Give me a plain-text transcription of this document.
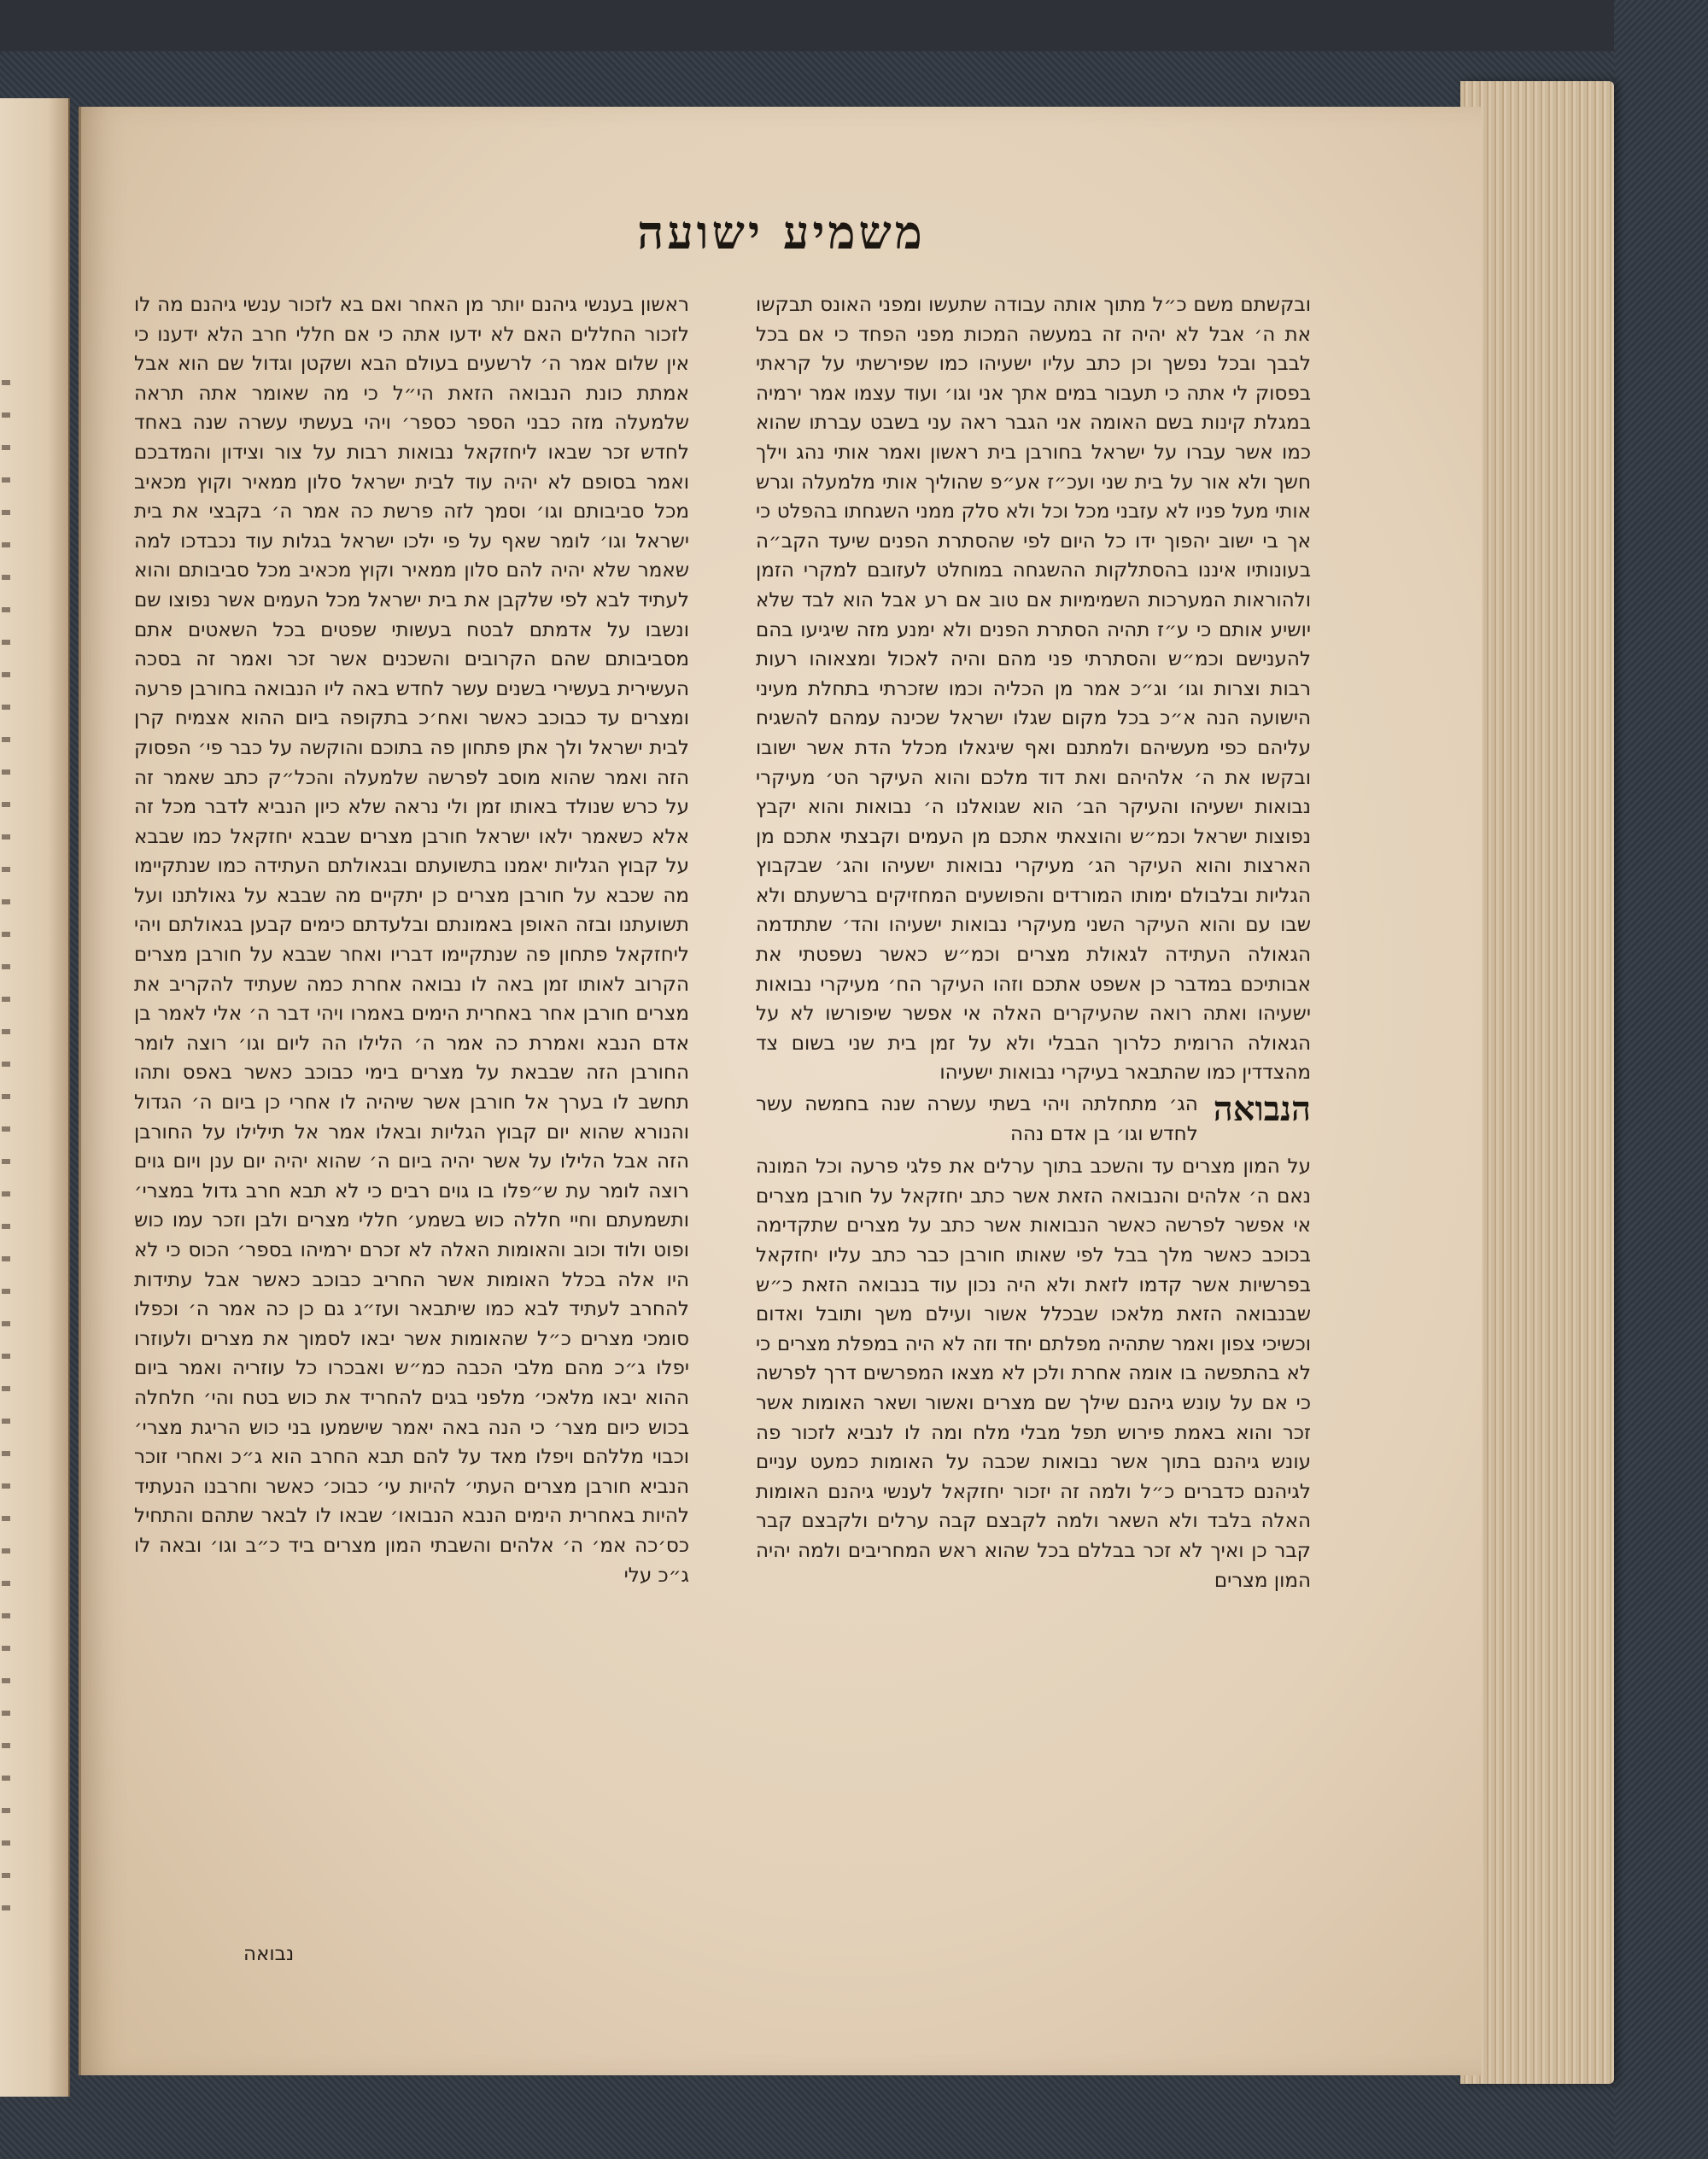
משמיע ישועה

ובקשתם משם כ״ל מתוך אותה עבודה שתעשו ומפני האונס תבקשו את ה׳ אבל לא יהיה זה במעשה המכות מפני הפחד כי אם בכל לבבך ובכל נפשך וכן כתב עליו ישעיהו כמו שפירשתי על קראתי בפסוק לי אתה כי תעבור במים אתך אני וגו׳ ועוד עצמו אמר ירמיה במגלת קינות בשם האומה אני הגבר ראה עני בשבט עברתו שהוא כמו אשר עברו על ישראל בחורבן בית ראשון ואמר אותי נהג וילך חשך ולא אור על בית שני ועכ״ז אע״פ שהוליך אותי מלמעלה וגרש אותי מעל פניו לא עזבני מכל וכל ולא סלק ממני השגחתו בהפלט כי אך בי ישוב יהפוך ידו כל היום לפי שהסתרת הפנים שיעד הקב״ה בעונותיו איננו בהסתלקות ההשגחה במוחלט לעזובם למקרי הזמן ולהוראות המערכות השמימיות אם טוב אם רע אבל הוא לבד שלא יושיע אותם כי ע״ז תהיה הסתרת הפנים ולא ימנע מזה שיגיעו בהם להענישם וכמ״ש והסתרתי פני מהם והיה לאכול ומצאוהו רעות רבות וצרות וגו׳ וג״כ אמר מן הכליה וכמו שזכרתי בתחלת מעיני הישועה הנה א״כ בכל מקום שגלו ישראל שכינה עמהם להשגיח עליהם כפי מעשיהם ולמתנם ואף שיגאלו מכלל הדת אשר ישובו ובקשו את ה׳ אלהיהם ואת דוד מלכם והוא העיקר הט׳ מעיקרי נבואות ישעיהו והעיקר הב׳ הוא שגואלנו ה׳ נבואות והוא יקבץ נפוצות ישראל וכמ״ש והוצאתי אתכם מן העמים וקבצתי אתכם מן הארצות והוא העיקר הג׳ מעיקרי נבואות ישעיהו והג׳ שבקבוץ הגליות ובלבולם ימותו המורדים והפושעים המחזיקים ברשעתם ולא שבו עם והוא העיקר השני מעיקרי נבואות ישעיהו והד׳ שתתדמה הגאולה העתידה לגאולת מצרים וכמ״ש כאשר נשפטתי את אבותיכם במדבר כן אשפט אתכם וזהו העיקר הח׳ מעיקרי נבואות ישעיהו ואתה רואה שהעיקרים האלה אי אפשר שיפורשו לא על הגאולה הרומית כלרוך הבבלי ולא על זמן בית שני בשום צד מהצדדין כמו שהתבאר בעיקרי נבואות ישעיהו

הנבואה
הג׳ מתחלתה ויהי בשתי עשרה שנה בחמשה עשר לחדש וגו׳ בן אדם נהה

על המון מצרים עד והשכב בתוך ערלים את פלגי פרעה וכל המונה נאם ה׳ אלהים והנבואה הזאת אשר כתב יחזקאל על חורבן מצרים אי אפשר לפרשה כאשר הנבואות אשר כתב על מצרים שתקדימה בכוכב כאשר מלך בבל לפי שאותו חורבן כבר כתב עליו יחזקאל בפרשיות אשר קדמו לזאת ולא היה נכון עוד בנבואה הזאת כ״ש שבנבואה הזאת מלאכו שבכלל אשור ועילם משך ותובל ואדום וכשיכי צפון ואמר שתהיה מפלתם יחד וזה לא היה במפלת מצרים כי לא בהתפשה בו אומה אחרת ולכן לא מצאו המפרשים דרך לפרשה כי אם על עונש גיהנם שילך שם מצרים ואשור ושאר האומות אשר זכר והוא באמת פירוש תפל מבלי מלח ומה לו לנביא לזכור פה עונש גיהנם בתוך אשר נבואות שכבה על האומות כמעט עניים לגיהנם כדברים כ״ל ולמה זה יזכור יחזקאל לענשי גיהנם האומות האלה בלבד ולא השאר ולמה לקבצם קבה ערלים ולקבצם קבר קבר כן ואיך לא זכר בבללם בכל שהוא ראש המחריבים ולמה יהיה המון מצרים

ראשון בענשי גיהנם יותר מן האחר ואם בא לזכור ענשי גיהנם מה לו לזכור החללים האם לא ידעו אתה כי אם חללי חרב הלא ידענו כי אין שלום אמר ה׳ לרשעים בעולם הבא ושקטן וגדול שם הוא אבל אמתת כונת הנבואה הזאת הי״ל כי מה שאומר אתה תראה שלמעלה מזה כבני הספר כספר׳ ויהי בעשתי עשרה שנה באחד לחדש זכר שבאו ליחזקאל נבואות רבות על צור וצידון והמדבכם ואמר בסופם לא יהיה עוד לבית ישראל סלון ממאיר וקוץ מכאיב מכל סביבותם וגו׳ וסמך לזה פרשת כה אמר ה׳ בקבצי את בית ישראל וגו׳ לומר שאף על פי ילכו ישראל בגלות עוד נכבדכו למה שאמר שלא יהיה להם סלון ממאיר וקוץ מכאיב מכל סביבותם והוא לעתיד לבא לפי שלקבן את בית ישראל מכל העמים אשר נפוצו שם ונשבו על אדמתם לבטח בעשותי שפטים בכל השאטים אתם מסביבותם שהם הקרובים והשכנים אשר זכר ואמר זה בסכה העשירית בעשירי בשנים עשר לחדש באה ליו הנבואה בחורבן פרעה ומצרים עד כבוכב כאשר ואח׳כ בתקופה ביום ההוא אצמיח קרן לבית ישראל ולך אתן פתחון פה בתוכם והוקשה על כבר פי׳ הפסוק הזה ואמר שהוא מוסב לפרשה שלמעלה והכל״ק כתב שאמר זה על כרש שנולד באותו זמן ולי נראה שלא כיון הנביא לדבר מכל זה אלא כשאמר ילאו ישראל חורבן מצרים שבבא יחזקאל כמו שבבא על קבוץ הגליות יאמנו בתשועתם ובגאולתם העתידה כמו שנתקיימו מה שכבא על חורבן מצרים כן יתקיים מה שבבא על גאולתנו ועל תשועתנו ובזה האופן באמונתם ובלעדתם כימים קבען בגאולתם ויהי ליחזקאל פתחון פה שנתקיימו דבריו ואחר שבבא על חורבן מצרים הקרוב לאותו זמן באה לו נבואה אחרת כמה שעתיד להקריב את מצרים חורבן אחר באחרית הימים באמרו ויהי דבר ה׳ אלי לאמר בן אדם הנבא ואמרת כה אמר ה׳ הלילו הה ליום וגו׳ רוצה לומר החורבן הזה שבבאת על מצרים בימי כבוכב כאשר באפס ותהו תחשב לו בערך אל חורבן אשר שיהיה לו אחרי כן ביום ה׳ הגדול והנורא שהוא יום קבוץ הגליות ובאלו אמר אל תילילו על החורבן הזה אבל הלילו על אשר יהיה ביום ה׳ שהוא יהיה יום ענן ויום גוים רוצה לומר עת ש״פלו בו גוים רבים כי לא תבא חרב גדול במצרי׳ ותשמעתם וחיי חללה כוש בשמע׳ חללי מצרים ולבן וזכר עמו כוש ופוט ולוד וכוב והאומות האלה לא זכרם ירמיהו בספר׳ הכוס כי לא היו אלה בכלל האומות אשר החריב כבוכב כאשר אבל עתידות להחרב לעתיד לבא כמו שיתבאר ועז״ג גם כן כה אמר ה׳ וכפלו סומכי מצרים כ״ל שהאומות אשר יבאו לסמוך את מצרים ולעוזרו יפלו ג״כ מהם מלבי הכבה כמ״ש ואבכרו כל עוזריה ואמר ביום ההוא יבאו מלאכי׳ מלפני בגים להחריד את כוש בטח והי׳ חלחלה בכוש כיום מצר׳ כי הנה באה יאמר שישמעו בני כוש הריגת מצרי׳ וכבוי מללהם ויפלו מאד על להם תבא החרב הוא ג״כ ואחרי זוכר הנביא חורבן מצרים העתי׳ להיות עי׳ כבוכ׳ כאשר וחרבנו הנעתיד להיות באחרית הימים הנבא הנבואו׳ שבאו לו לבאר שתהם והתחיל כס׳כה אמ׳ ה׳ אלהים והשבתי המון מצרים ביד כ״ב וגו׳ ובאה לו ג״כ עלי

נבואה
